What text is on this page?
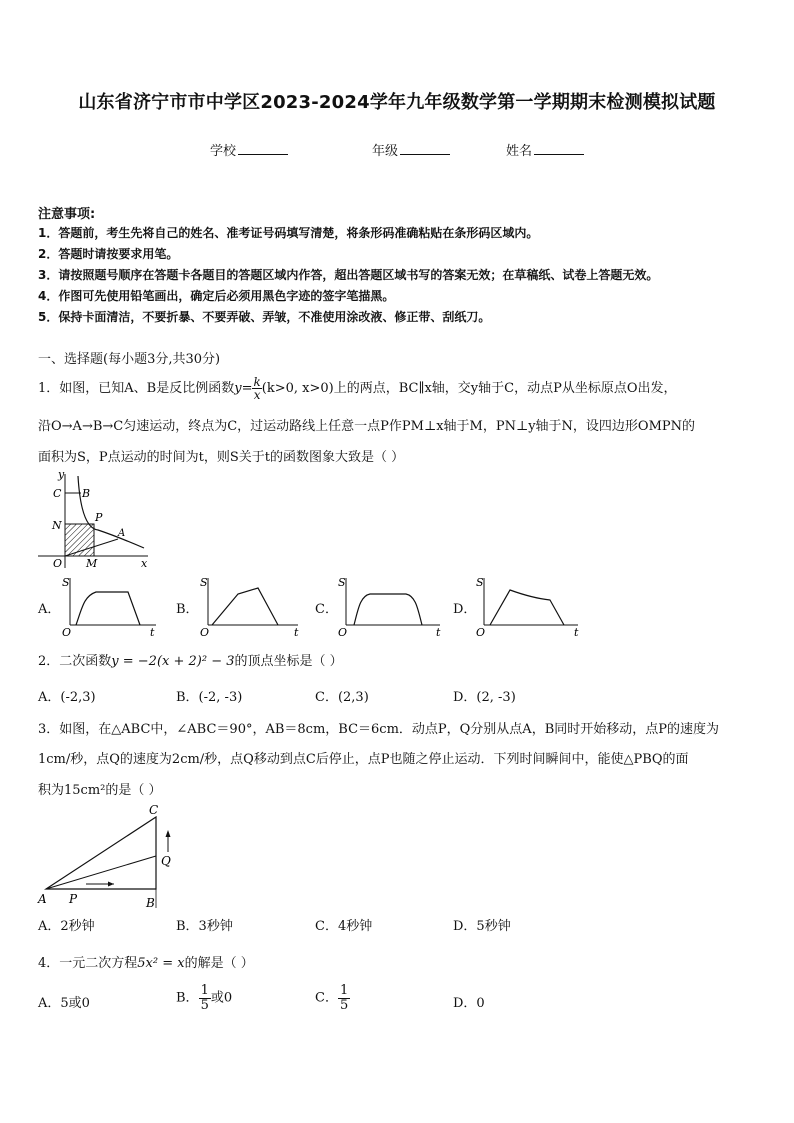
山东省济宁市市中学区2023-2024学年九年级数学第一学期期末检测模拟试题
学校	年级	姓名
注意事项:
1．答题前，考生先将自己的姓名、准考证号码填写清楚，将条形码准确粘贴在条形码区域内。
2．答题时请按要求用笔。
3．请按照题号顺序在答题卡各题目的答题区域内作答，超出答题区域书写的答案无效；在草稿纸、试卷上答题无效。
4．作图可先使用铅笔画出，确定后必须用黑色字迹的签字笔描黑。
5．保持卡面清洁，不要折暴、不要弄破、弄皱，不准使用涂改液、修正带、刮纸刀。
一、选择题(每小题3分,共30分)
1．如图，已知A、B是反比例函数$y= \frac{k}{x} (k>0$, x>0)上的两点，BC∥x轴，交y轴于C，动点P从坐标原点O出发，
沿O→A→B→C匀速运动，终点为C，过运动路线上任意一点P作PM⊥x轴于M，PN⊥y轴于N，设四边形OMPN的
面积为S，P点运动的时间为t，则S关于t的函数图象大致是（ ）
y
x
C B
N
P
A
O M
A．
S
O	t
B．
S
O	t
C．
S
O	t
D．
S
O	t
2．二次函数y = −2(x + 2)² − 3的顶点坐标是（ ）
A．(-2,3)	B．(-2, -3)	C．(2,3)	D．(2, -3)
3．如图，在△ABC中，∠ABC＝90°，AB＝8cm，BC＝6cm．动点P，Q分别从点A，B同时开始移动，点P的速度为
1cm/秒，点Q的速度为2cm/秒，点Q移动到点C后停止，点P也随之停止运动．下列时间瞬间中，能使△PBQ的面
积为15cm²的是（ ）
A	B
C
P
Q
A．2秒钟	B．3秒钟	C．4秒钟	D．5秒钟
4．一元二次方程5x² = x的解是（ ）
A．5或0	B． $\frac{1}{5}$ 或0	C． $\frac{1}{5}$	D．0
